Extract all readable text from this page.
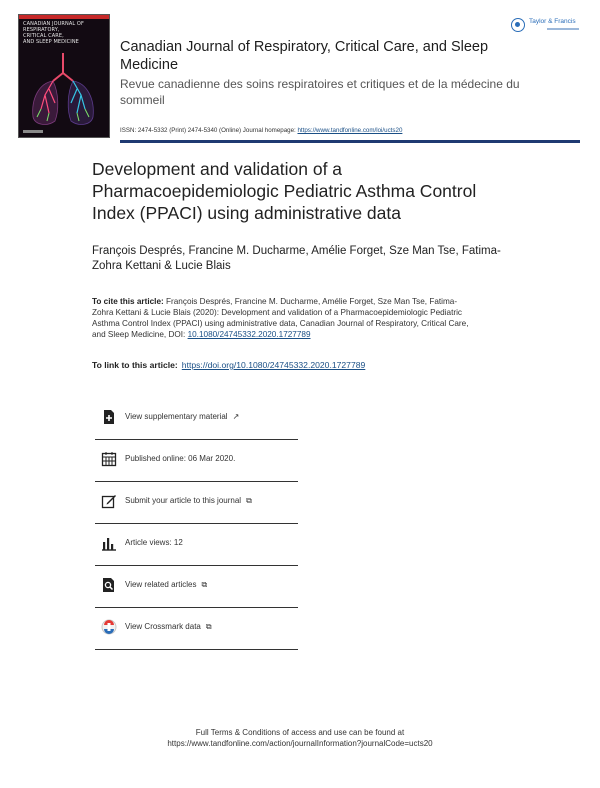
CANADIAN JOURNAL OF
RESPIRATORY,
CRITICAL CARE,
AND SLEEP MEDICINE	Canadian Journal of Respiratory, Critical Care, and Sleep Medicine
Revue canadienne des soins respiratoires et critiques et de la médecine du sommeil
ISSN: 2474-5332 (Print) 2474-5340 (Online) Journal homepage: https://www.tandfonline.com/loi/ucts20
Taylor & Francis
Development and validation of a Pharmacoepidemiologic Pediatric Asthma Control Index (PPACI) using administrative data
François Després, Francine M. Ducharme, Amélie Forget, Sze Man Tse, Fatima-Zohra Kettani & Lucie Blais
To cite this article: François Després, Francine M. Ducharme, Amélie Forget, Sze Man Tse, Fatima-Zohra Kettani & Lucie Blais (2020): Development and validation of a Pharmacoepidemiologic Pediatric Asthma Control Index (PPACI) using administrative data, Canadian Journal of Respiratory, Critical Care, and Sleep Medicine, DOI: 10.1080/24745332.2020.1727789
To link to this article: https://doi.org/10.1080/24745332.2020.1727789
View supplementary material ↗
Published online: 06 Mar 2020.
Submit your article to this journal ⧉
Article views: 12
View related articles ⧉
View Crossmark data ⧉
Full Terms & Conditions of access and use can be found at
https://www.tandfonline.com/action/journalInformation?journalCode=ucts20
